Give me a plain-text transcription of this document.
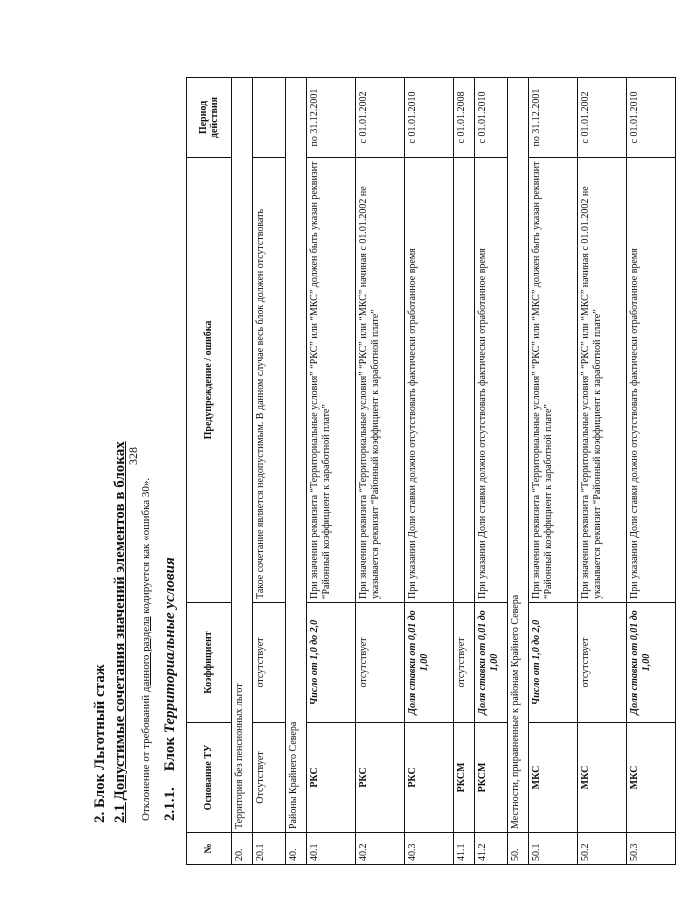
328
2. Блок Льготный стаж 2.1 Допустимые сочетания значений элементов в блоках Отклонение от требований данного раздела кодируется как «ошибка 30».
2.1.1.Блок Территориальные условия
№	Основание ТУ	Коэффициент	Предупреждение / ошибка	Период действия
20.	Территория без пенсионных льгот			
20.1	Отсутствует	отсутствует	Такое сочетание является недопустимым. В данном случае весь блок должен отсутствовать	
40.	Районы Крайнего Севера			
40.1	РКС	Число от 1,0 до 2,0	При значении реквизита “Территориальные условия” “РКС” или “МКС” должен быть указан реквизит “Районный коэффициент к заработной плате”	по 31.12.2001
40.2	РКС	отсутствует	При значении реквизита “Территориальные условия” “РКС” или “МКС” начиная с 01.01.2002 не указывается реквизит “Районный коэффициент к заработной плате”	с 01.01.2002
40.3	РКС	Доля ставки от 0,01 до 1,00	При указании Доли ставки должно отсутствовать фактически отработанное время	с 01.01.2010
41.1	РКСМ	отсутствует		с 01.01.2008
41.2	РКСМ	Доля ставки от 0,01 до 1,00	При указании Доли ставки должно отсутствовать фактически отработанное время	с 01.01.2010
50.	Местности, приравненные к районам Крайнего Севера			
50.1	МКС	Число от 1,0 до 2,0	При значении реквизита “Территориальные условия” “РКС” или “МКС” должен быть указан реквизит “Районный коэффициент к заработной плате”	по 31.12.2001
50.2	МКС	отсутствует	При значении реквизита “Территориальные условия” “РКС” или “МКС” начиная с 01.01.2002 не указывается реквизит “Районный коэффициент к заработной плате”	с 01.01.2002
50.3	МКС	Доля ставки от 0,01 до 1,00	При указании Доли ставки должно отсутствовать фактически отработанное время	с 01.01.2010
